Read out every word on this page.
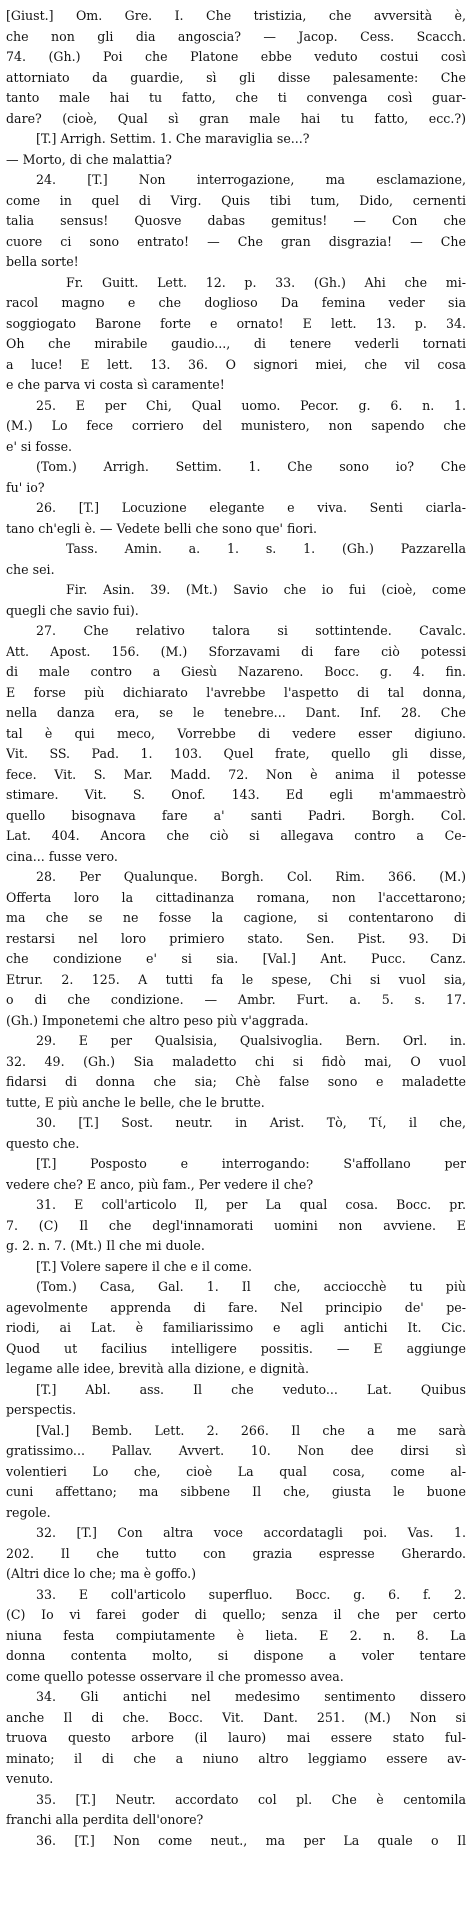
[Giust.] Om. Gre. I. Che tristizia, che avversità è,
che non gli dia angoscia? — Jacop. Cess. Scacch.
74. (Gh.) Poi che Platone ebbe veduto costui così
attorniato da guardie, sì gli disse palesamente: Che
tanto male hai tu fatto, che ti convenga così guar-
dare? (cioè, Qual sì gran male hai tu fatto, ecc.?)
[T.] Arrigh. Settim. 1. Che maraviglia se...?
— Morto, di che malattia?
24. [T.] Non interrogazione, ma esclamazione,
come in quel di Virg. Quis tibi tum, Dido, cernenti
talia sensus! Quosve dabas gemitus! — Con che
cuore ci sono entrato! — Che gran disgrazia! — Che
bella sorte!
Fr. Guitt. Lett. 12. p. 33. (Gh.) Ahi che mi-
racol magno e che doglioso Da femina veder sia
soggiogato Barone forte e ornato! E lett. 13. p. 34.
Oh che mirabile gaudio..., di tenere vederli tornati
a luce! E lett. 13. 36. O signori miei, che vil cosa
e che parva vi costa sì caramente!
25. E per Chi, Qual uomo. Pecor. g. 6. n. 1.
(M.) Lo fece corriero del munistero, non sapendo che
e' si fosse.
(Tom.) Arrigh. Settim. 1. Che sono io? Che
fu' io?
26. [T.] Locuzione elegante e viva. Senti ciarla-
tano ch'egli è. — Vedete belli che sono que' fiori.
Tass. Amin. a. 1. s. 1. (Gh.) Pazzarella
che sei.
Fir. Asin. 39. (Mt.) Savio che io fui (cioè, come
quegli che savio fui).
27. Che relativo talora si sottintende. Cavalc.
Att. Apost. 156. (M.) Sforzavami di fare ciò potessi
di male contro a Giesù Nazareno. Bocc. g. 4. fin.
E forse più dichiarato l'avrebbe l'aspetto di tal donna,
nella danza era, se le tenebre... Dant. Inf. 28. Che
tal è qui meco, Vorrebbe di vedere esser digiuno.
Vit. SS. Pad. 1. 103. Quel frate, quello gli disse,
fece. Vit. S. Mar. Madd. 72. Non è anima il potesse
stimare. Vit. S. Onof. 143. Ed egli m'ammaestrò
quello bisognava fare a' santi Padri. Borgh. Col.
Lat. 404. Ancora che ciò si allegava contro a Ce-
cina... fusse vero.
28. Per Qualunque. Borgh. Col. Rim. 366. (M.)
Offerta loro la cittadinanza romana, non l'accettarono;
ma che se ne fosse la cagione, si contentarono di
restarsi nel loro primiero stato. Sen. Pist. 93. Di
che condizione e' si sia. [Val.] Ant. Pucc. Canz.
Etrur. 2. 125. A tutti fa le spese, Chi si vuol sia,
o di che condizione. — Ambr. Furt. a. 5. s. 17.
(Gh.) Imponetemi che altro peso più v'aggrada.
29. E per Qualsisia, Qualsivoglia. Bern. Orl. in.
32. 49. (Gh.) Sia maladetto chi si fidò mai, O vuol
fidarsi di donna che sia; Chè false sono e maladette
tutte, E più anche le belle, che le brutte.
30. [T.] Sost. neutr. in Arist. Τὸ, Τί, il che,
questo che.
[T.] Posposto e interrogando: S'affollano per
vedere che? E anco, più fam., Per vedere il che?
31. E coll'articolo Il, per La qual cosa. Bocc. pr.
7. (C) Il che degl'innamorati uomini non avviene. E
g. 2. n. 7. (Mt.) Il che mi duole.
[T.] Volere sapere il che e il come.
(Tom.) Casa, Gal. 1. Il che, acciocchè tu più
agevolmente apprenda di fare. Nel principio de' pe-
riodi, ai Lat. è familiarissimo e agli antichi It. Cic.
Quod ut facilius intelligere possitis. — E aggiunge
legame alle idee, brevità alla dizione, e dignità.
[T.] Abl. ass. Il che veduto... Lat. Quibus
perspectis.
[Val.] Bemb. Lett. 2. 266. Il che a me sarà
gratissimo... Pallav. Avvert. 10. Non dee dirsi sì
volentieri Lo che, cioè La qual cosa, come al-
cuni affettano; ma sibbene Il che, giusta le buone
regole.
32. [T.] Con altra voce accordatagli poi. Vas. 1.
202. Il che tutto con grazia espresse Gherardo.
(Altri dice lo che; ma è goffo.)
33. E coll'articolo superfluo. Bocc. g. 6. f. 2.
(C) Io vi farei goder di quello; senza il che per certo
niuna festa compiutamente è lieta. E 2. n. 8. La
donna contenta molto, si dispone a voler tentare
come quello potesse osservare il che promesso avea.
34. Gli antichi nel medesimo sentimento dissero
anche Il di che. Bocc. Vit. Dant. 251. (M.) Non si
truova questo arbore (il lauro) mai essere stato ful-
minato; il di che a niuno altro leggiamo essere av-
venuto.
35. [T.] Neutr. accordato col pl. Che è centomila
franchi alla perdita dell'onore?
36. [T.] Non come neut., ma per La quale o Il
